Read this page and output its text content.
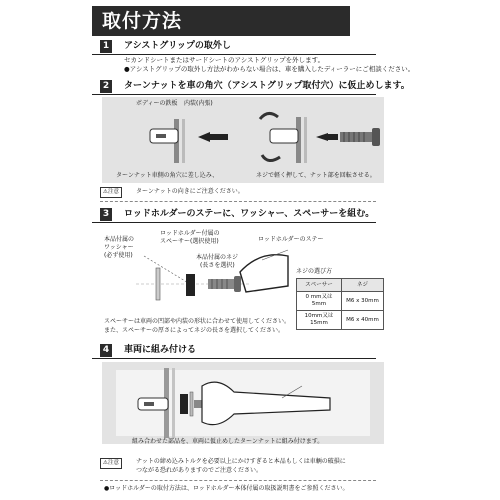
取付方法
1	アシストグリップの取外し
セカンドシートまたはサードシートのアシストグリップを外します。
●アシストグリップの取外し方法がわからない場合は、車を購入したディーラーにご相談ください。
2	ターンナットを車の角穴（アシストグリップ取付穴）に仮止めします。
ボディーの鉄板 内装(内張)
ターンナット車側の角穴に差し込み、	ネジで軽く押して、ナット部を回転させる。
⚠注意	ターンナットの向きにご注意ください。
3	ロッドホルダーのステーに、ワッシャー、スペーサーを組む。
本品付属の
ワッシャー
(必ず使用)
ロッドホルダー付属の
スペーサー(選択使用)
本品付属のネジ
(長さを選択)
ロッドホルダーのステー
ネジの選び方
スペーサー	ネジ
0 mm又は
5mm	M6 x 30mm
10mm又は
15mm	M6 x 40mm
スペーサーは車両の凹部や内装の形状に合わせて使用してください。
また、スペーサーの厚さによってネジの長さを選択してください。
4	車両に組み付ける
組み合わせた部品を、車両に仮止めしたターンナットに組み付けます。
⚠注意	ナットの締め込みトルクを必要以上にかけすぎると本品もしくは車輌の破損に
つながる恐れがありますのでご注意ください。
●ロッドホルダーの取付方法は、ロッドホルダー本体付属の取扱説明書をご参照ください。
